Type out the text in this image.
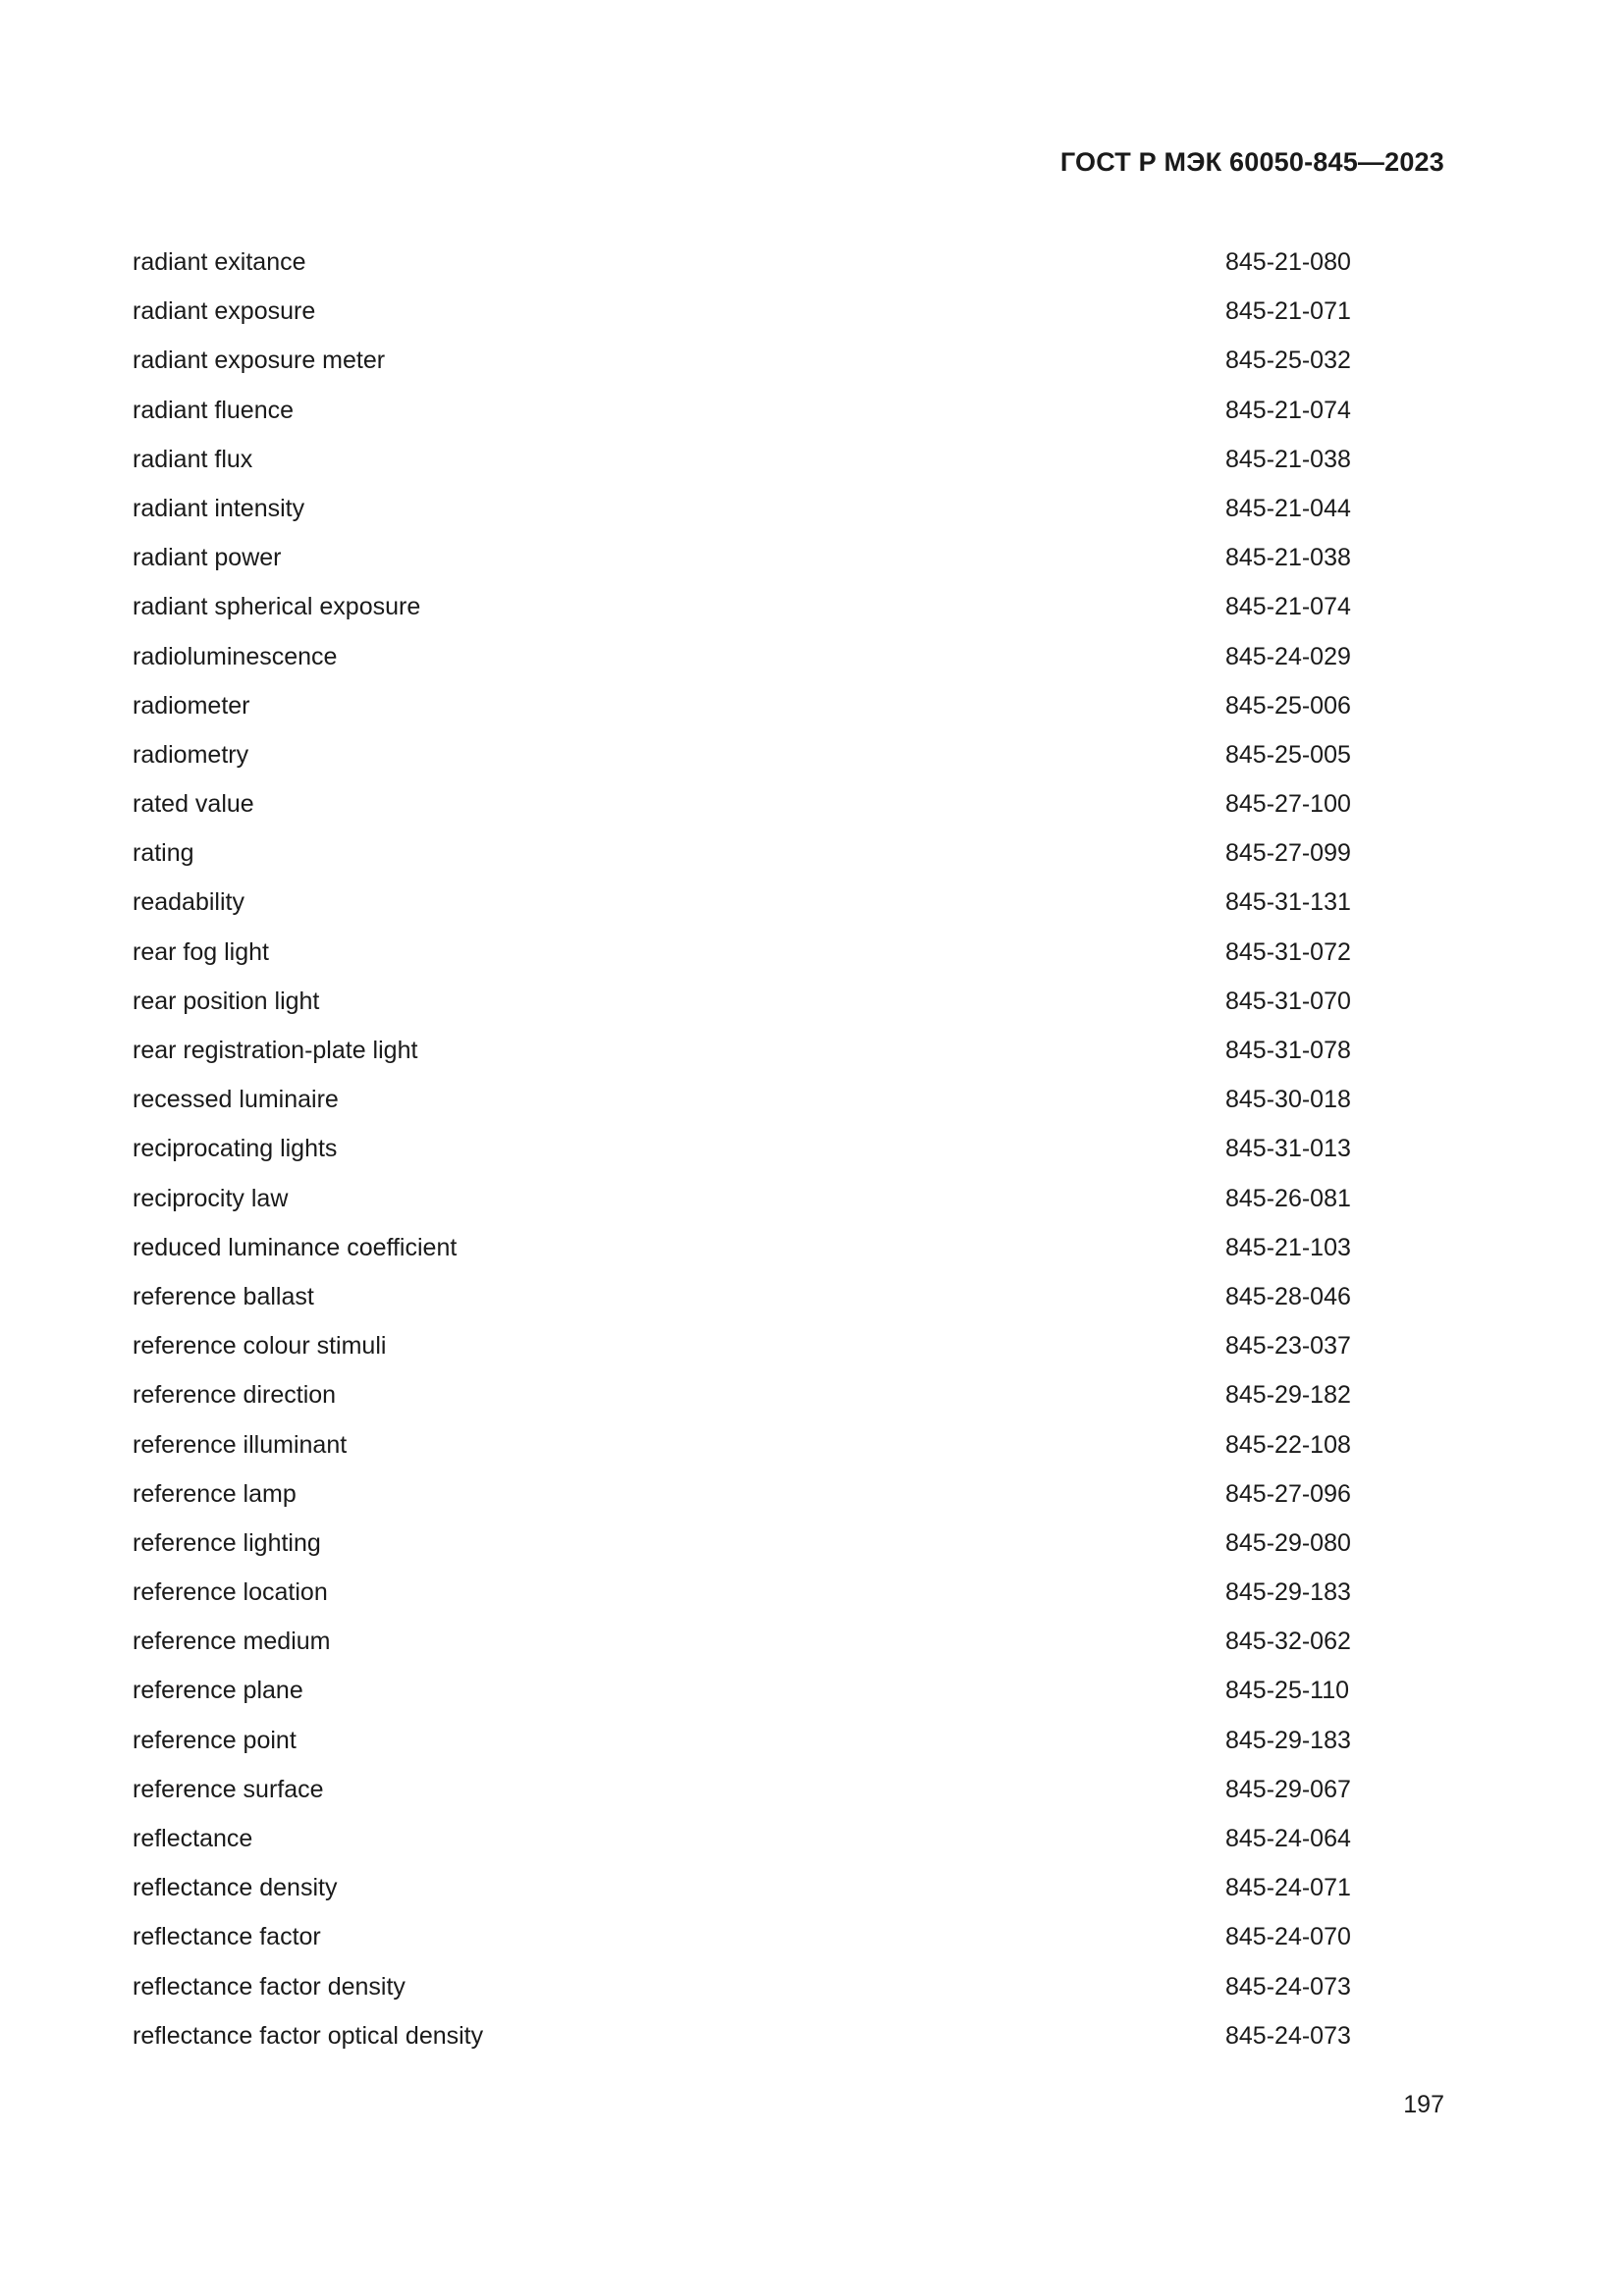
ГОСТ Р МЭК 60050-845—2023
radiant exitance	845-21-080
radiant exposure	845-21-071
radiant exposure meter	845-25-032
radiant fluence	845-21-074
radiant flux	845-21-038
radiant intensity	845-21-044
radiant power	845-21-038
radiant spherical exposure	845-21-074
radioluminescence	845-24-029
radiometer	845-25-006
radiometry	845-25-005
rated value	845-27-100
rating	845-27-099
readability	845-31-131
rear fog light	845-31-072
rear position light	845-31-070
rear registration-plate light	845-31-078
recessed luminaire	845-30-018
reciprocating lights	845-31-013
reciprocity law	845-26-081
reduced luminance coefficient	845-21-103
reference ballast	845-28-046
reference colour stimuli	845-23-037
reference direction	845-29-182
reference illuminant	845-22-108
reference lamp	845-27-096
reference lighting	845-29-080
reference location	845-29-183
reference medium	845-32-062
reference plane	845-25-110
reference point	845-29-183
reference surface	845-29-067
reflectance	845-24-064
reflectance density	845-24-071
reflectance factor	845-24-070
reflectance factor density	845-24-073
reflectance factor optical density	845-24-073
197
